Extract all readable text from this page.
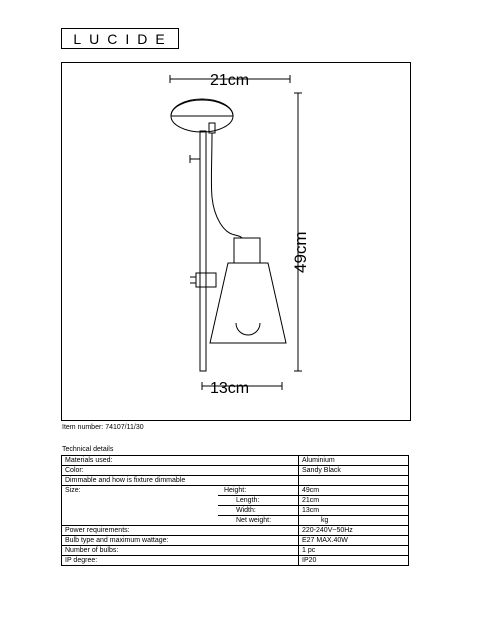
LUCIDE
21cm
13cm
49cm
Item number: 74107/11/30
Technical details
Materials used:		Aluminium
Color:		Sandy Black
Dimmable and how is fixture dimmable		
Size:	Height:	49cm
	Length:	21cm
	Width:	13cm
	Net weight:	kg
Power requirements:		220-240V~50Hz
Bulb type and maximum wattage:		E27 MAX.40W
Number of bulbs:		1 pc
IP degree:		IP20
